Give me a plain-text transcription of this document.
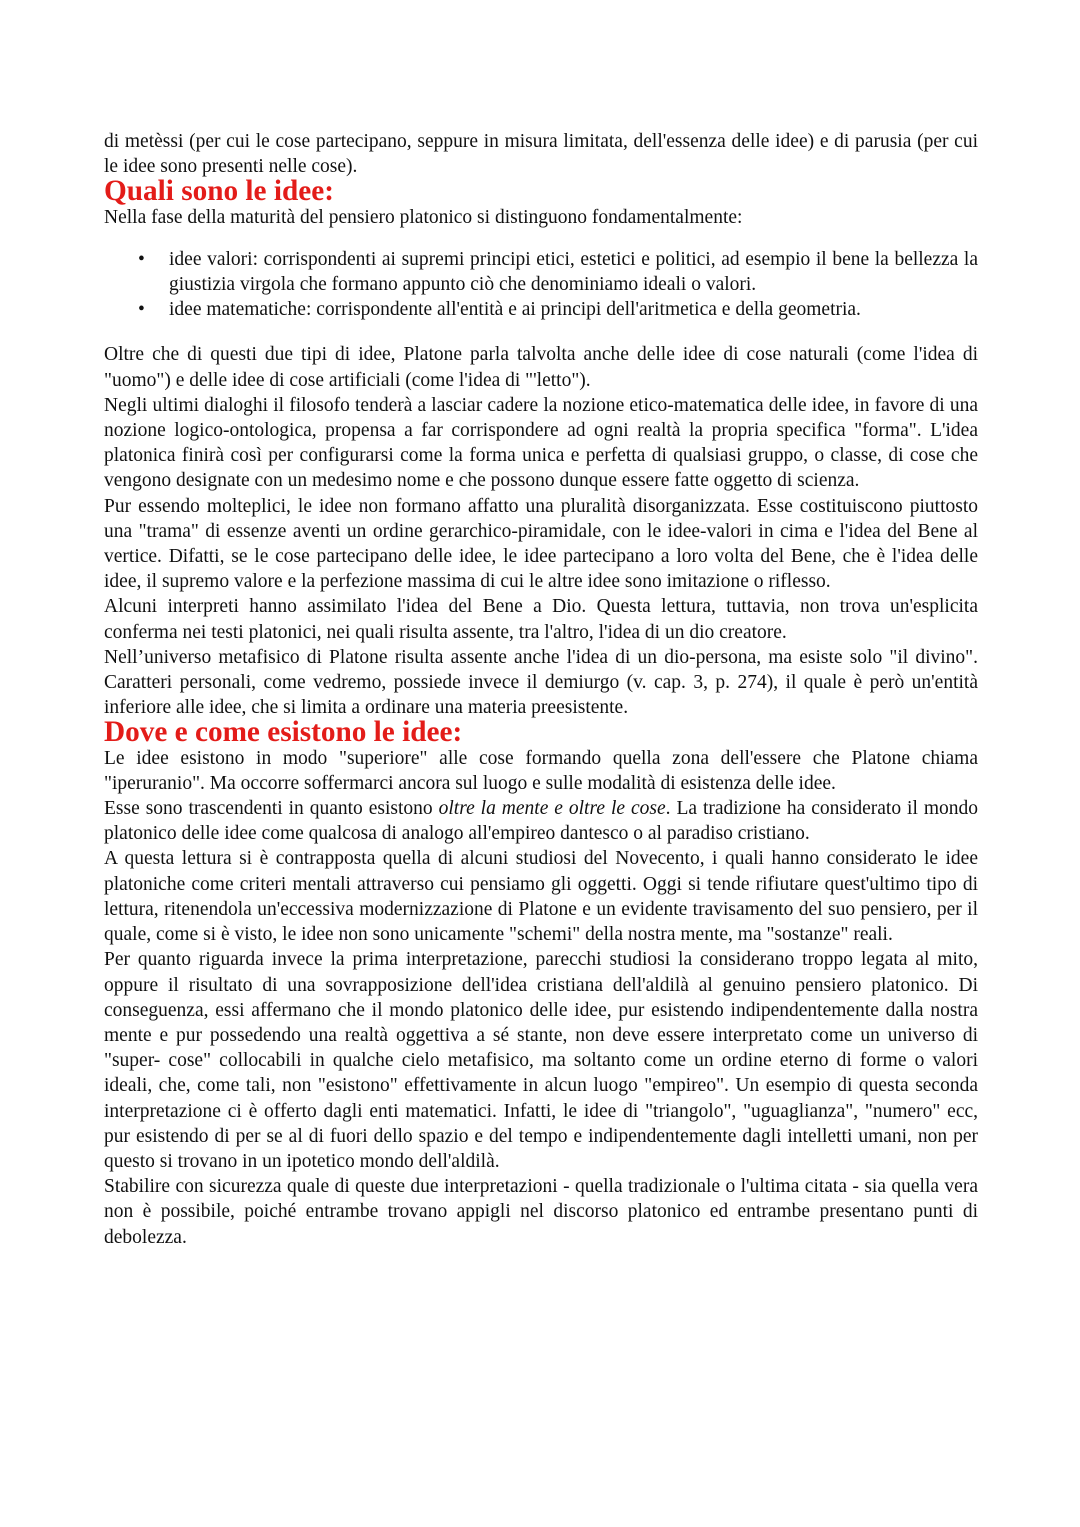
di metèssi (per cui le cose partecipano, seppure in misura limitata, dell'essenza delle idee) e di parusia (per cui le idee sono presenti nelle cose).

Quali sono le idee:

Nella fase della maturità del pensiero platonico si distinguono fondamentalmente:

• idee valori: corrispondenti ai supremi principi etici, estetici e politici, ad esempio il bene la bellezza la giustizia virgola che formano appunto ciò che denominiamo ideali o valori.
• idee matematiche: corrispondente all'entità e ai principi dell'aritmetica e della geometria.

Oltre che di questi due tipi di idee, Platone parla talvolta anche delle idee di cose naturali (come l'idea di "uomo") e delle idee di cose artificiali (come l'idea di "'letto").

Negli ultimi dialoghi il filosofo tenderà a lasciar cadere la nozione etico-matematica delle idee, in favore di una nozione logico-ontologica, propensa a far corrispondere ad ogni realtà la propria specifica "forma". L'idea platonica finirà così per configurarsi come la forma unica e perfetta di qualsiasi gruppo, o classe, di cose che vengono designate con un medesimo nome e che possono dunque essere fatte oggetto di scienza.

Pur essendo molteplici, le idee non formano affatto una pluralità disorganizzata. Esse costituiscono piuttosto una "trama" di essenze aventi un ordine gerarchico-piramidale, con le idee-valori in cima e l'idea del Bene al vertice. Difatti, se le cose partecipano delle idee, le idee partecipano a loro volta del Bene, che è l'idea delle idee, il supremo valore e la perfezione massima di cui le altre idee sono imitazione o riflesso.

Alcuni interpreti hanno assimilato l'idea del Bene a Dio. Questa lettura, tuttavia, non trova un'esplicita conferma nei testi platonici, nei quali risulta assente, tra l'altro, l'idea di un dio creatore.

Nell’universo metafisico di Platone risulta assente anche l'idea di un dio-persona, ma esiste solo "il divino". Caratteri personali, come vedremo, possiede invece il demiurgo (v. cap. 3, p. 274), il quale è però un'entità inferiore alle idee, che si limita a ordinare una materia preesistente.

Dove e come esistono le idee:

Le idee esistono in modo "superiore" alle cose formando quella zona dell'essere che Platone chiama "iperuranio". Ma occorre soffermarci ancora sul luogo e sulle modalità di esistenza delle idee.

Esse sono trascendenti in quanto esistono oltre la mente e oltre le cose. La tradizione ha considerato il mondo platonico delle idee come qualcosa di analogo all'empireo dantesco o al paradiso cristiano.

A questa lettura si è contrapposta quella di alcuni studiosi del Novecento, i quali hanno considerato le idee platoniche come criteri mentali attraverso cui pensiamo gli oggetti. Oggi si tende rifiutare quest'ultimo tipo di lettura, ritenendola un'eccessiva modernizzazione di Platone e un evidente travisamento del suo pensiero, per il quale, come si è visto, le idee non sono unicamente "schemi" della nostra mente, ma "sostanze" reali.

Per quanto riguarda invece la prima interpretazione, parecchi studiosi la considerano troppo legata al mito, oppure il risultato di una sovrapposizione dell'idea cristiana dell'aldilà al genuino pensiero platonico. Di conseguenza, essi affermano che il mondo platonico delle idee, pur esistendo indipendentemente dalla nostra mente e pur possedendo una realtà oggettiva a sé stante, non deve essere interpretato come un universo di "super- cose" collocabili in qualche cielo metafisico, ma soltanto come un ordine eterno di forme o valori ideali, che, come tali, non "esistono" effettivamente in alcun luogo "empireo". Un esempio di questa seconda interpretazione ci è offerto dagli enti matematici. Infatti, le idee di "triangolo", "uguaglianza", "numero" ecc, pur esistendo di per se al di fuori dello spazio e del tempo e indipendentemente dagli intelletti umani, non per questo si trovano in un ipotetico mondo dell'aldilà.

Stabilire con sicurezza quale di queste due interpretazioni - quella tradizionale o l'ultima citata - sia quella vera non è possibile, poiché entrambe trovano appigli nel discorso platonico ed entrambe presentano punti di debolezza.
